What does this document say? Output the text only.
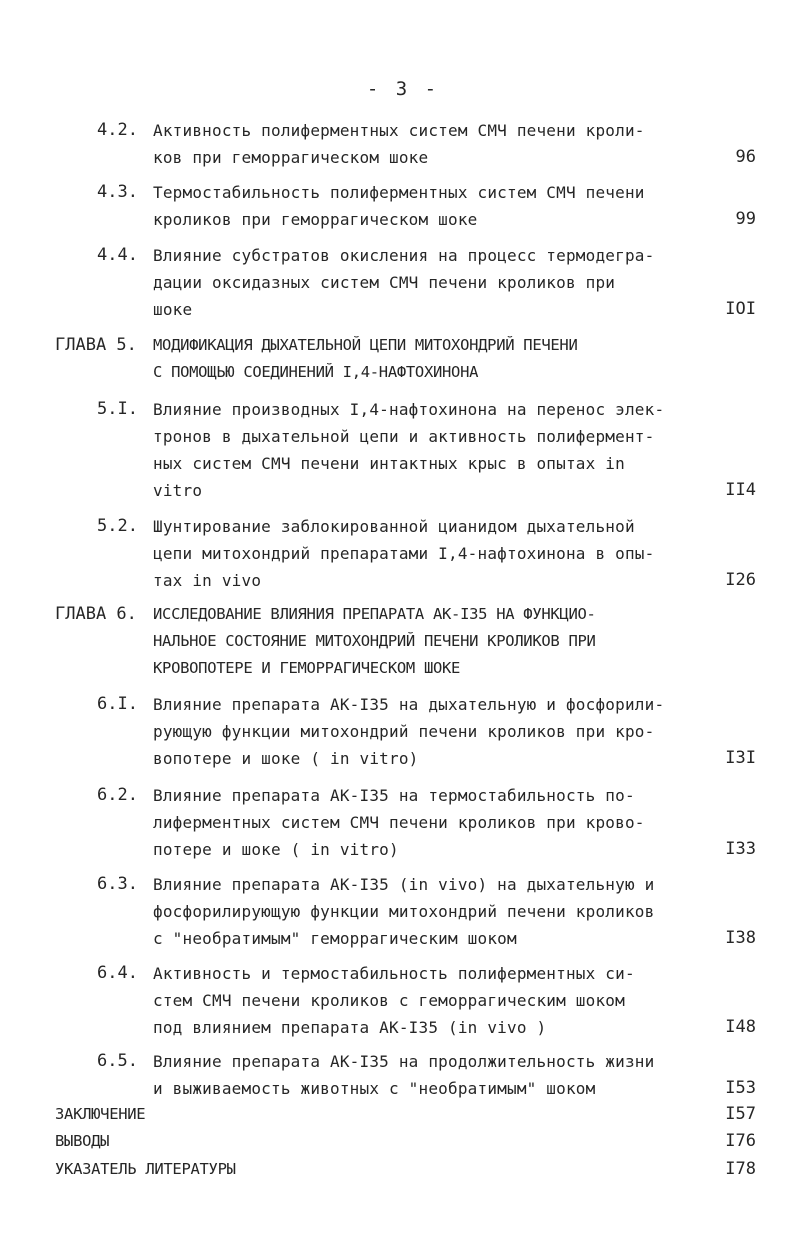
- 3 -
4.2. Активность полиферментных систем СМЧ печени кроли-
ков при геморрагическом шоке	96
4.3. Термостабильность полиферментных систем СМЧ печени
кроликов при геморрагическом шоке	99
4.4. Влияние субстратов окисления на процесс термодегра-
дации оксидазных систем СМЧ печени кроликов при
шоке	IOI
ГЛАВА 5. МОДИФИКАЦИЯ ДЫХАТЕЛЬНОЙ ЦЕПИ МИТОХОНДРИЙ ПЕЧЕНИ
С ПОМОЩЬЮ СОЕДИНЕНИЙ I,4-НАФТОХИНОНА
5.I. Влияние производных I,4-нафтохинона на перенос элек-
тронов в дыхательной цепи и активность полифермент-
ных систем СМЧ печени интактных крыс в опытах in
vitro	II4
5.2. Шунтирование заблокированной цианидом дыхательной
цепи митохондрий препаратами I,4-нафтохинона в опы-
тах in vivo	I26
ГЛАВА 6. ИССЛЕДОВАНИЕ ВЛИЯНИЯ ПРЕПАРАТА АК-I35 НА ФУНКЦИО-
НАЛЬНОЕ СОСТОЯНИЕ МИТОХОНДРИЙ ПЕЧЕНИ КРОЛИКОВ ПРИ
КРОВОПОТЕРЕ И ГЕМОРРАГИЧЕСКОМ ШОКЕ
6.I. Влияние препарата АК-I35 на дыхательную и фосфорили-
рующую функции митохондрий печени кроликов при кро-
вопотере и шоке ( in vitro)	I3I
6.2. Влияние препарата АК-I35 на термостабильность по-
лиферментных систем СМЧ печени кроликов при крово-
потере и шоке ( in vitro)	I33
6.3. Влияние препарата АК-I35 (in vivo) на дыхательную и
фосфорилирующую функции митохондрий печени кроликов
с "необратимым" геморрагическим шоком	I38
6.4. Активность и термостабильность полиферментных си-
стем СМЧ печени кроликов с геморрагическим шоком
под влиянием препарата АК-I35 (in vivo )	I48
6.5. Влияние препарата АК-I35 на продолжительность жизни
и выживаемость животных с "необратимым" шоком	I53
ЗАКЛЮЧЕНИЕ	I57
ВЫВОДЫ	I76
УКАЗАТЕЛЬ ЛИТЕРАТУРЫ	I78
